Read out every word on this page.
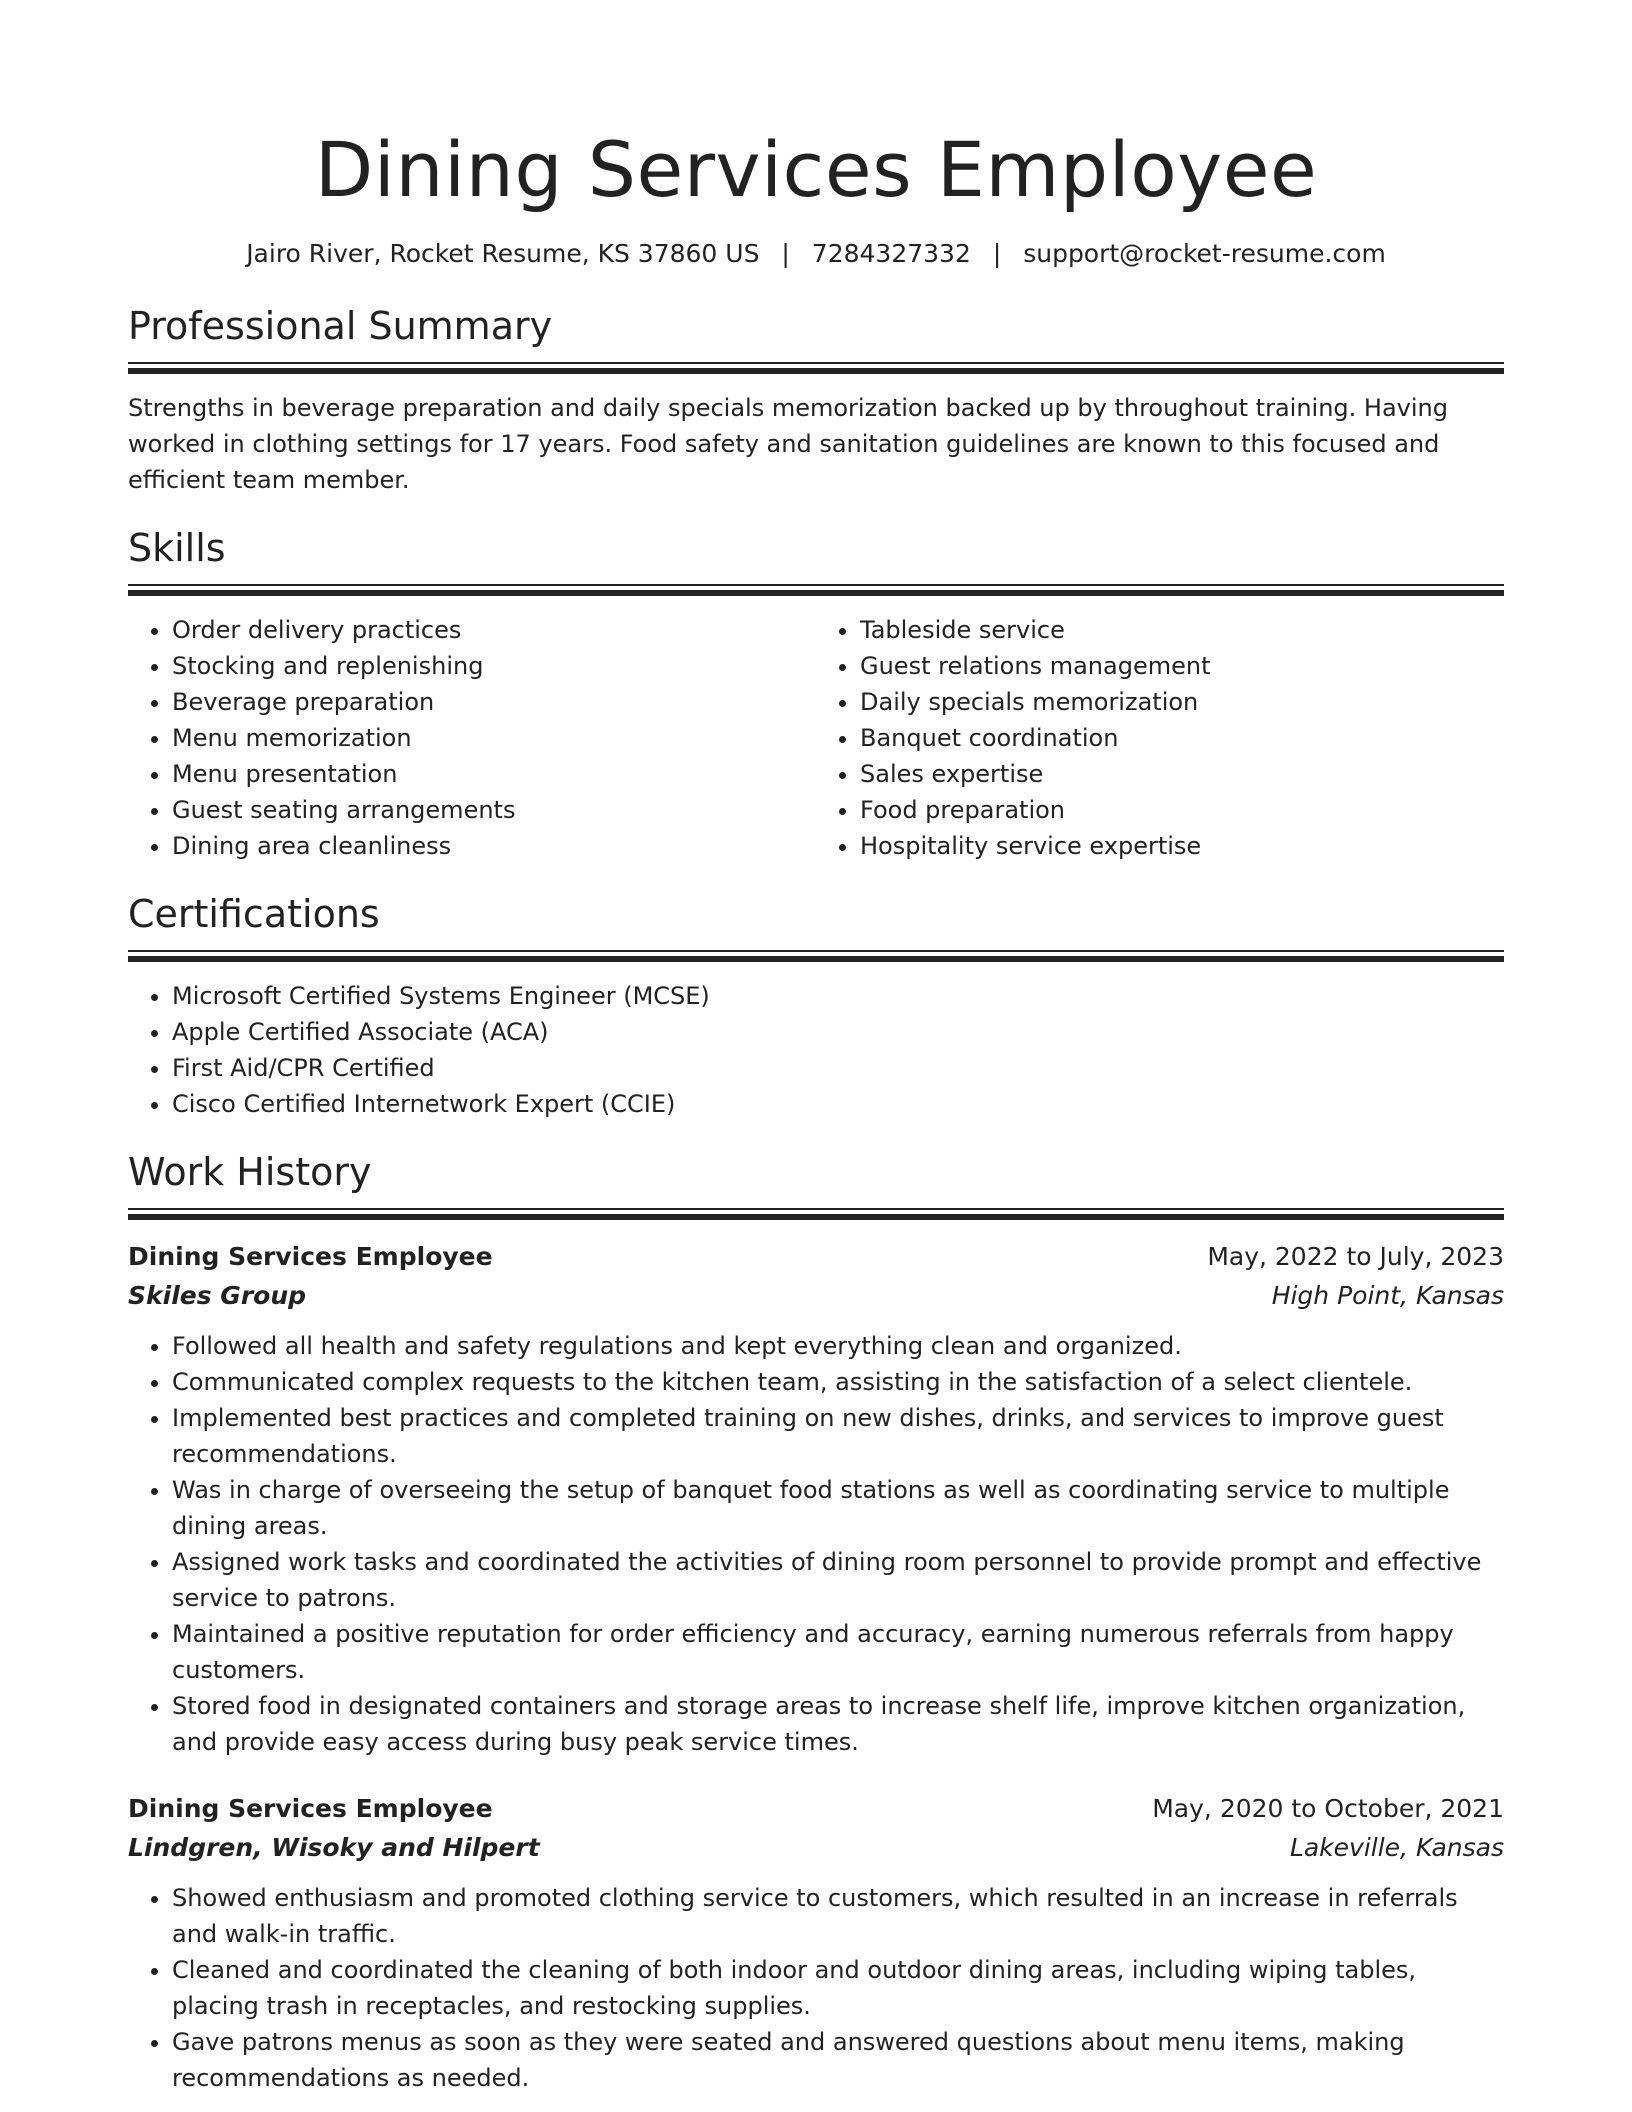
Dining Services Employee
Jairo River, Rocket Resume, KS 37860 US | 7284327332 | support@rocket-resume.com
Professional Summary
Strengths in beverage preparation and daily specials memorization backed up by throughout training. Having worked in clothing settings for 17 years. Food safety and sanitation guidelines are known to this focused and efficient team member.
Skills
• Order delivery practices
• Stocking and replenishing
• Beverage preparation
• Menu memorization
• Menu presentation
• Guest seating arrangements
• Dining area cleanliness
• Tableside service
• Guest relations management
• Daily specials memorization
• Banquet coordination
• Sales expertise
• Food preparation
• Hospitality service expertise
Certifications
• Microsoft Certified Systems Engineer (MCSE)
• Apple Certified Associate (ACA)
• First Aid/CPR Certified
• Cisco Certified Internetwork Expert (CCIE)
Work History
Dining Services Employee	May, 2022 to July, 2023
Skiles Group	High Point, Kansas
• Followed all health and safety regulations and kept everything clean and organized.
• Communicated complex requests to the kitchen team, assisting in the satisfaction of a select clientele.
• Implemented best practices and completed training on new dishes, drinks, and services to improve guest recommendations.
• Was in charge of overseeing the setup of banquet food stations as well as coordinating service to multiple dining areas.
• Assigned work tasks and coordinated the activities of dining room personnel to provide prompt and effective service to patrons.
• Maintained a positive reputation for order efficiency and accuracy, earning numerous referrals from happy customers.
• Stored food in designated containers and storage areas to increase shelf life, improve kitchen organization, and provide easy access during busy peak service times.
Dining Services Employee	May, 2020 to October, 2021
Lindgren, Wisoky and Hilpert	Lakeville, Kansas
• Showed enthusiasm and promoted clothing service to customers, which resulted in an increase in referrals and walk-in traffic.
• Cleaned and coordinated the cleaning of both indoor and outdoor dining areas, including wiping tables, placing trash in receptacles, and restocking supplies.
• Gave patrons menus as soon as they were seated and answered questions about menu items, making recommendations as needed.
